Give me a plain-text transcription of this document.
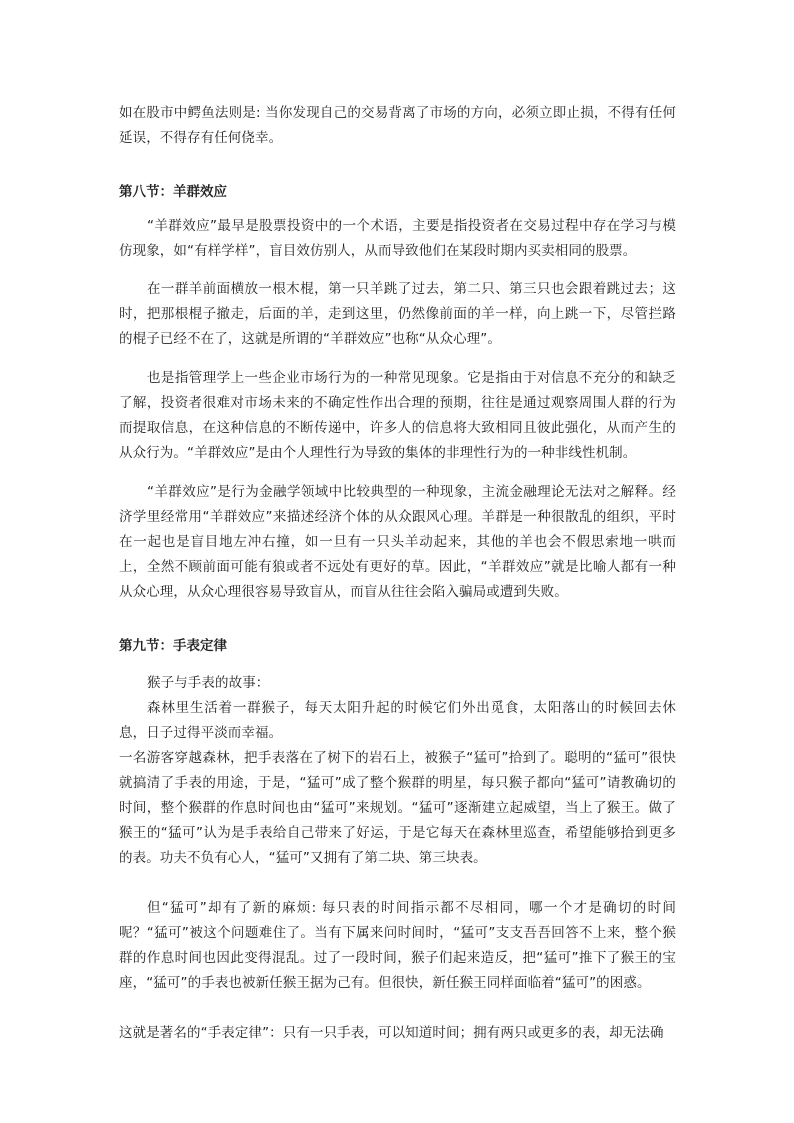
如在股市中鳄鱼法则是: 当你发现自己的交易背离了市场的方向，必须立即止损，不得有任何延误，不得存有任何侥幸。

第八节：羊群效应

“羊群效应”最早是股票投资中的一个术语，主要是指投资者在交易过程中存在学习与模仿现象，如“有样学样”，盲目效仿别人，从而导致他们在某段时期内买卖相同的股票。

在一群羊前面横放一根木棍，第一只羊跳了过去，第二只、第三只也会跟着跳过去；这时，把那根棍子撤走，后面的羊，走到这里，仍然像前面的羊一样，向上跳一下，尽管拦路的棍子已经不在了，这就是所谓的“羊群效应”也称“从众心理”。

也是指管理学上一些企业市场行为的一种常见现象。它是指由于对信息不充分的和缺乏了解，投资者很难对市场未来的不确定性作出合理的预期，往往是通过观察周围人群的行为而提取信息，在这种信息的不断传递中，许多人的信息将大致相同且彼此强化，从而产生的从众行为。“羊群效应”是由个人理性行为导致的集体的非理性行为的一种非线性机制。

“羊群效应”是行为金融学领域中比较典型的一种现象，主流金融理论无法对之解释。经济学里经常用“羊群效应”来描述经济个体的从众跟风心理。羊群是一种很散乱的组织，平时在一起也是盲目地左冲右撞，如一旦有一只头羊动起来，其他的羊也会不假思索地一哄而上，全然不顾前面可能有狼或者不远处有更好的草。因此，“羊群效应”就是比喻人都有一种从众心理，从众心理很容易导致盲从，而盲从往往会陷入骗局或遭到失败。

第九节：手表定律

猴子与手表的故事：

森林里生活着一群猴子，每天太阳升起的时候它们外出觅食，太阳落山的时候回去休息，日子过得平淡而幸福。

一名游客穿越森林，把手表落在了树下的岩石上，被猴子“猛可”拾到了。聪明的“猛可”很快就搞清了手表的用途，于是，“猛可”成了整个猴群的明星，每只猴子都向“猛可”请教确切的时间，整个猴群的作息时间也由“猛可”来规划。“猛可”逐渐建立起威望，当上了猴王。做了猴王的“猛可”认为是手表给自己带来了好运，于是它每天在森林里巡查，希望能够拾到更多的表。功夫不负有心人，“猛可”又拥有了第二块、第三块表。

但“猛可”却有了新的麻烦: 每只表的时间指示都不尽相同，哪一个才是确切的时间呢？“猛可”被这个问题难住了。当有下属来问时间时，“猛可”支支吾吾回答不上来，整个猴群的作息时间也因此变得混乱。过了一段时间，猴子们起来造反，把“猛可”推下了猴王的宝座，“猛可”的手表也被新任猴王据为己有。但很快，新任猴王同样面临着“猛可”的困惑。

这就是著名的“手表定律”：只有一只手表，可以知道时间；拥有两只或更多的表，却无法确
